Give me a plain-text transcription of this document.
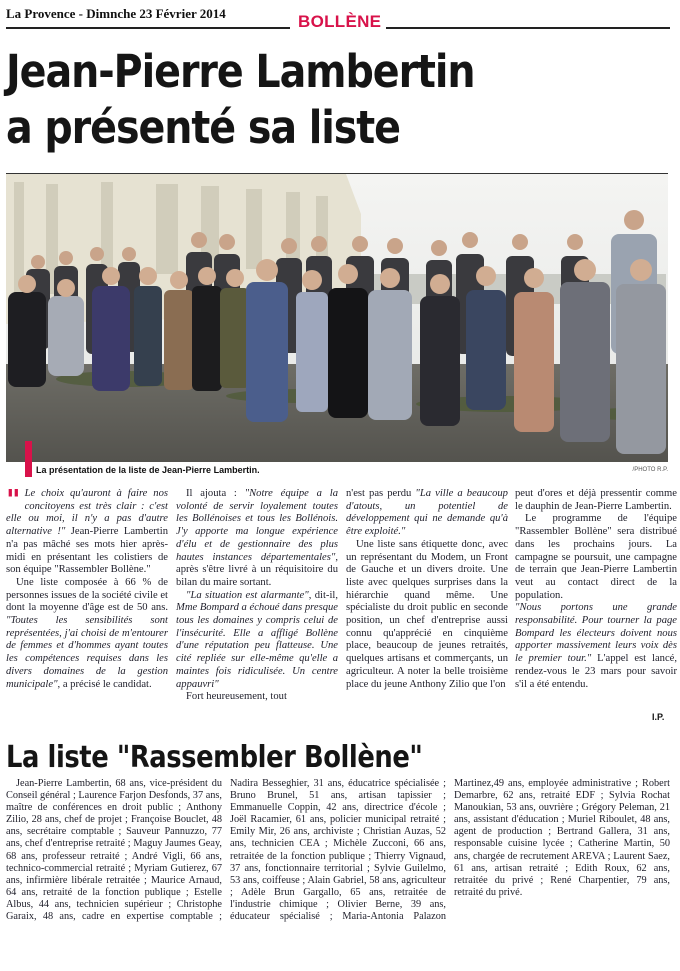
La Provence - Dimnche 23 Février 2014	BOLLÈNE
Jean-Pierre Lambertin
a présenté sa liste
La présentation de la liste de Jean-Pierre Lambertin.	/PHOTO R.P.

" Le choix qu'auront à faire nos concitoyens est très clair : c'est elle ou moi, il n'y a pas d'autre alternative !" Jean-Pierre Lambertin n'a pas mâché ses mots hier après-midi en présentant les colistiers de son équipe "Rassembler Bollène."

Une liste composée à 66 % de personnes issues de la société civile et dont la moyenne d'âge est de 50 ans. "Toutes les sensibilités sont représentées, j'ai choisi de m'entourer de femmes et d'hommes ayant toutes les compétences requises dans les divers domaines de la gestion municipale", a précisé le candidat.

Il ajouta : "Notre équipe a la volonté de servir loyalement toutes les Bollénoises et tous les Bollénois. J'y apporte ma longue expérience d'élu et de gestionnaire des plus hautes instances départementales", après s'être livré à un réquisitoire du bilan du maire sortant.

"La situation est alarmante", dit-il, Mme Bompard a échoué dans presque tous les domaines y compris celui de l'insécurité. Elle a affligé Bollène d'une réputation peu flatteuse. Une cité repliée sur elle-même qu'elle a maintes fois ridiculisée. Un centre appauvri"

Fort heureusement, tout

n'est pas perdu "La ville a beaucoup d'atouts, un potentiel de développement qui ne demande qu'à être exploité."

Une liste sans étiquette donc, avec un représentant du Modem, un Front de Gauche et un divers droite. Une liste avec quelques surprises dans la hiérarchie quand même. Une spécialiste du droit public en seconde position, un chef d'entreprise aussi connu qu'apprécié en cinquième place, beaucoup de jeunes retraités, quelques artisans et commerçants, un agriculteur. A noter la belle troisième place du jeune Anthony Zilio que l'on

peut d'ores et déjà pressentir comme le dauphin de Jean-Pierre Lambertin.

Le programme de l'équipe "Rassembler Bollène" sera distribué dans les prochains jours. La campagne se poursuit, une campagne de terrain que Jean-Pierre Lambertin veut au contact direct de la population.

"Nous portons une grande responsabilité. Pour tourner la page Bompard les électeurs doivent nous apporter massivement leurs voix dès le premier tour." L'appel est lancé, rendez-vous le 23 mars pour savoir s'il a été entendu.

I.P.
La liste "Rassembler Bollène"

Jean-Pierre Lambertin, 68 ans, vice-président du Conseil général ; Laurence Farjon Desfonds, 37 ans, maître de conférences en droit public ; Anthony Zilio, 28 ans, chef de projet ; Françoise Bouclet, 48 ans, secrétaire comptable ; Sauveur Pannuzzo, 77 ans, chef d'entreprise retraité ; Maguy Jaumes Geay, 68 ans, professeur retraité ; André Vigli, 66 ans, technico-commercial retraité ; Myriam Gutierez, 67 ans, infirmière libérale retraitée ; Maurice Arnaud, 64 ans, retraité de la fonction publique ; Estelle Albus, 44 ans, technicien supérieur ; Christophe Garaix, 48 ans, cadre en expertise comptable ; Nadira Besseghier, 31 ans, éducatrice spécialisée ; Bruno Brunel, 51 ans, artisan tapissier ; Emmanuelle Coppin, 42 ans, directrice d'école ; Joël Racamier, 61 ans, policier municipal retraité ; Emily Mir, 26 ans, archiviste ; Christian Auzas, 52 ans, technicien CEA ; Michèle Zucconi, 66 ans, retraitée de la fonction publique ; Thierry Vignaud, 37 ans, fonctionnaire territorial ; Sylvie Guilelmo, 53 ans, coiffeuse ; Alain Gabriel, 58 ans, agriculteur ; Adèle Brun Gargallo, 65 ans, retraitée de l'industrie chimique ; Olivier Berne, 39 ans, éducateur spécialisé ; Maria-Antonia Palazon Martinez,49 ans, employée administrative ; Robert Demarbre, 62 ans, retraité EDF ; Sylvia Rochat Manoukian, 53 ans, ouvrière ; Grégory Peleman, 21 ans, assistant d'éducation ; Muriel Riboulet, 48 ans, agent de production ; Bertrand Gallera, 31 ans, responsable cuisine lycée ; Catherine Martin, 50 ans, chargée de recrutement AREVA ; Laurent Saez, 61 ans, artisan retraité ; Edith Roux, 62 ans, retraitée du privé ; René Charpentier, 79 ans, retraité du privé.
